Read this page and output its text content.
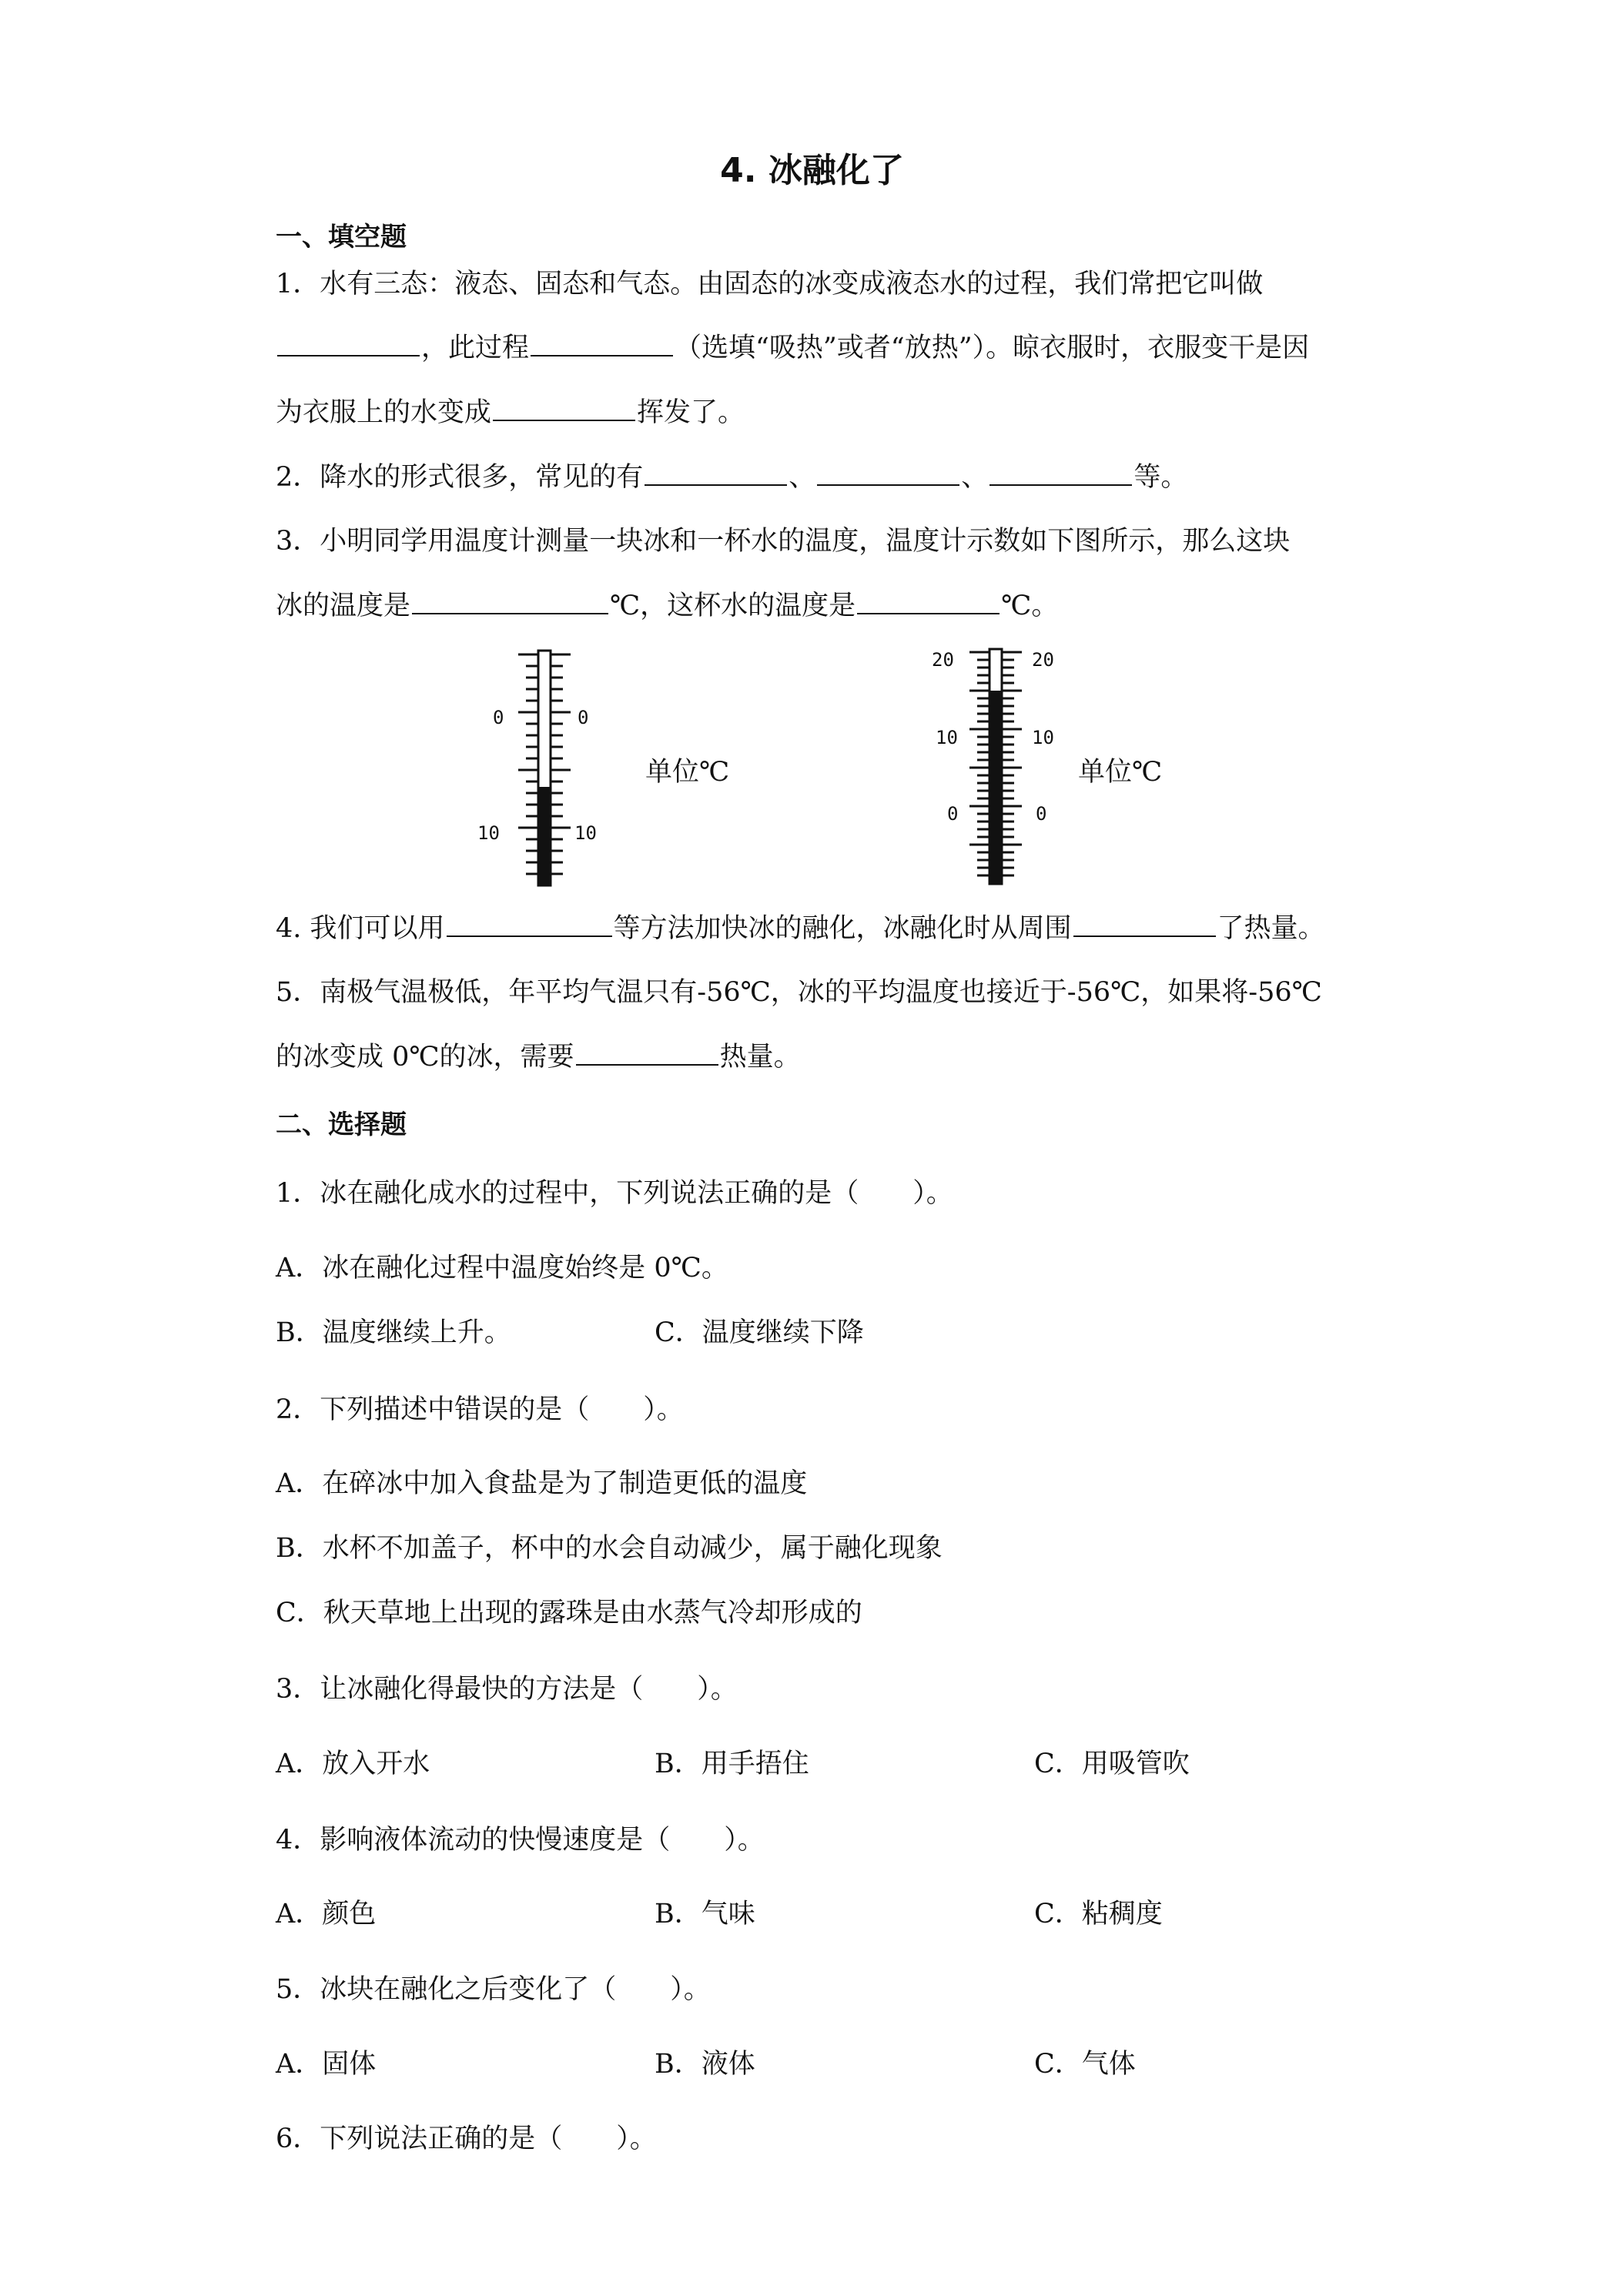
4. 冰融化了
一、填空题
1．水有三态：液态、固态和气态。由固态的冰变成液态水的过程，我们常把它叫做
，此过程	（选填“吸热”或者“放热”）。晾衣服时，衣服变干是因
为衣服上的水变成	挥发了。
2．降水的形式很多，常见的有	、	、	等。
3．小明同学用温度计测量一块冰和一杯水的温度，温度计示数如下图所示，那么这块
冰的温度是	℃，这杯水的温度是	℃。
0	0
10	10
单位℃
20	20
10	10
0	0
单位℃
4. 我们可以用	等方法加快冰的融化，冰融化时从周围	了热量。
5．南极气温极低，年平均气温只有-56℃，冰的平均温度也接近于-56℃，如果将-56℃
的冰变成 0℃的冰，需要	热量。
二、选择题
1．冰在融化成水的过程中，下列说法正确的是（　　）。
A．冰在融化过程中温度始终是 0℃。
B．温度继续上升。	C．温度继续下降
2．下列描述中错误的是（　　）。
A．在碎冰中加入食盐是为了制造更低的温度
B．水杯不加盖子，杯中的水会自动减少，属于融化现象
C．秋天草地上出现的露珠是由水蒸气冷却形成的
3．让冰融化得最快的方法是（　　）。
A．放入开水	B．用手捂住	C．用吸管吹
4．影响液体流动的快慢速度是（　　）。
A．颜色	B．气味	C．粘稠度
5．冰块在融化之后变化了（　　）。
A．固体	B．液体	C．气体
6．下列说法正确的是（　　）。
